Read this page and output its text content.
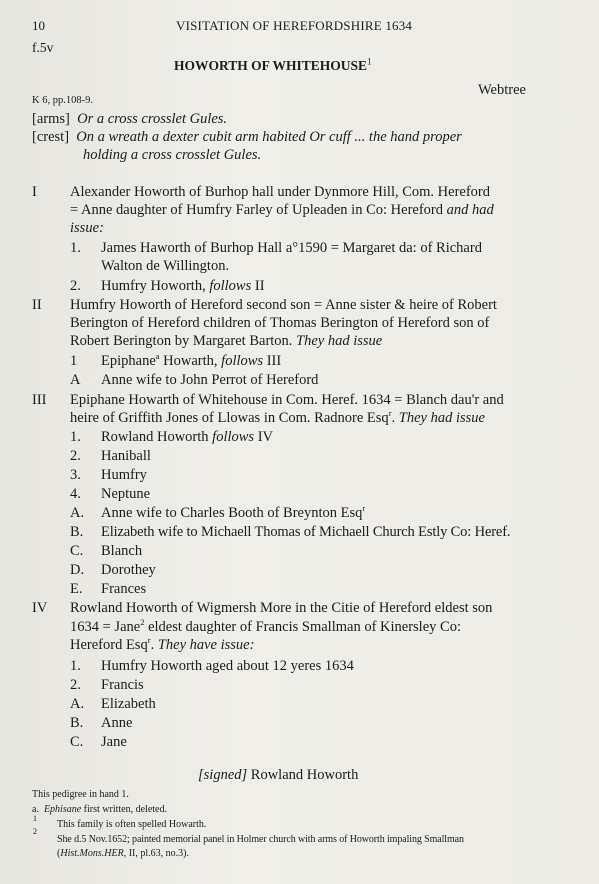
10	VISITATION OF HEREFORDSHIRE 1634
f.5v
HOWORTH OF WHITEHOUSE$^1$
Webtree
K 6, pp.108-9.
[arms] Or a cross crosslet Gules.
[crest] On a wreath a dexter cubit arm habited Or cuff ... the hand proper
holding a cross crosslet Gules.
I Alexander Howorth of Burhop hall under Dynmore Hill, Com. Hereford
= Anne daughter of Humfry Farley of Upleaden in Co: Hereford and had
issue:
1. James Haworth of Burhop Hall a°1590 = Margaret da: of Richard
Walton de Willington.
2. Humfry Howorth, follows II
II Humfry Howorth of Hereford second son = Anne sister & heire of Robert
Berington of Hereford children of Thomas Berington of Hereford son of
Robert Berington by Margaret Barton. They had issue
1 Epiphane$^a$ Howarth, follows III
A Anne wife to John Perrot of Hereford
III Epiphane Howarth of Whitehouse in Com. Heref. 1634 = Blanch dau'r and
heire of Griffith Jones of Llowas in Com. Radnore Esq$^r$. They had issue
1. Rowland Howorth follows IV
2. Haniball
3. Humfry
4. Neptune
A. Anne wife to Charles Booth of Breynton Esq$^r$
B. Elizabeth wife to Michaell Thomas of Michaell Church Estly Co: Heref.
C. Blanch
D. Dorothey
E. Frances
IV Rowland Howorth of Wigmersh More in the Citie of Hereford eldest son
1634 = Jane$^2$ eldest daughter of Francis Smallman of Kinersley Co:
Hereford Esq$^r$. They have issue:
1. Humfry Howorth aged about 12 yeres 1634
2. Francis
A. Elizabeth
B. Anne
C. Jane
[signed] Rowland Howorth
This pedigree in hand 1.
a. Ephisane first written, deleted.
1
This family is often spelled Howarth.
2
She d.5 Nov.1652; painted memorial panel in Holmer church with arms of Howorth impaling Smallman
(Hist.Mons.HER, II, pl.63, no.3).
